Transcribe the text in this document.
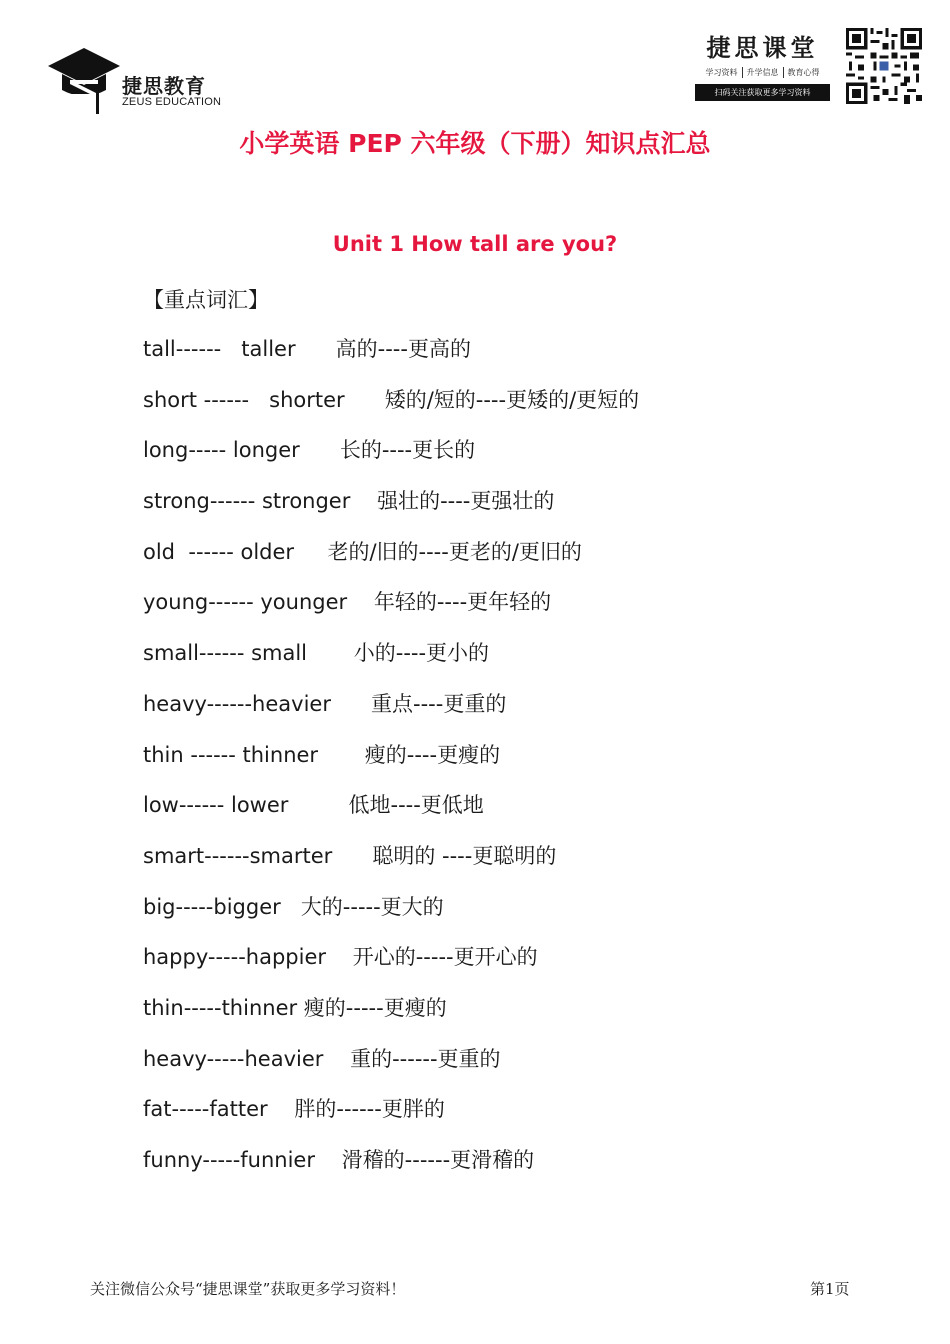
捷思教育
ZEUS EDUCATION
捷思课堂
学习资料	升学信息	教育心得
扫码关注获取更多学习资料
小学英语 PEP 六年级（下册）知识点汇总
Unit 1 How tall are you?
【重点词汇】
tall------   taller      高的----更高的
short ------   shorter      矮的/短的----更矮的/更短的
long----- longer      长的----更长的
strong------ stronger    强壮的----更强壮的
old  ------ older     老的/旧的----更老的/更旧的
young------ younger    年轻的----更年轻的
small------ small       小的----更小的
heavy------heavier      重点----更重的
thin ------ thinner       瘦的----更瘦的
low------ lower         低地----更低地
smart------smarter      聪明的 ----更聪明的
big-----bigger   大的-----更大的
happy-----happier    开心的-----更开心的
thin-----thinner 瘦的-----更瘦的
heavy-----heavier    重的------更重的
fat-----fatter    胖的------更胖的
funny-----funnier    滑稽的------更滑稽的
关注微信公众号“捷思课堂”获取更多学习资料！	第1页
